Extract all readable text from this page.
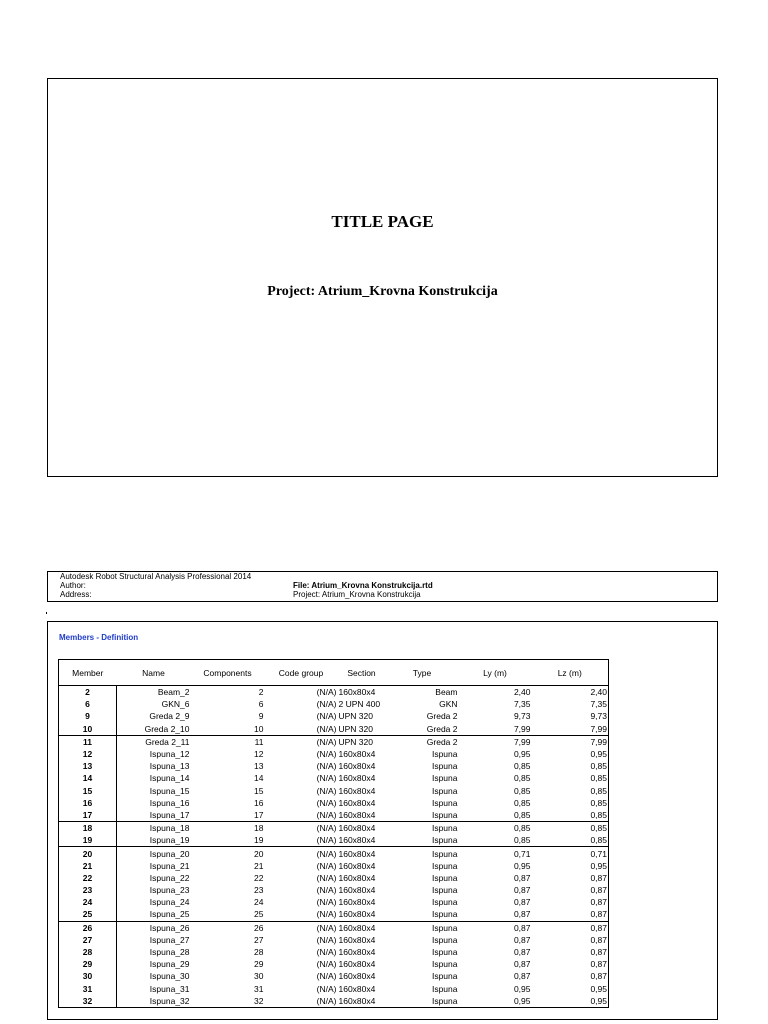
TITLE PAGE
Project: Atrium_Krovna Konstrukcija
Autodesk Robot Structural Analysis Professional 2014
Author:
Address:
File: Atrium_Krovna Konstrukcija.rtd
Project: Atrium_Krovna Konstrukcija
Members - Definition
Member	Name	Components	Code group	Section	Type	Ly (m)	Lz (m)
2	Beam_2	2	(N/A)	160x80x4	Beam	2,40	2,40
6	GKN_6	6	(N/A)	2 UPN 400	GKN	7,35	7,35
9	Greda 2_9	9	(N/A)	UPN 320	Greda 2	9,73	9,73
10	Greda 2_10	10	(N/A)	UPN 320	Greda 2	7,99	7,99
11	Greda 2_11	11	(N/A)	UPN 320	Greda 2	7,99	7,99
12	Ispuna_12	12	(N/A)	160x80x4	Ispuna	0,95	0,95
13	Ispuna_13	13	(N/A)	160x80x4	Ispuna	0,85	0,85
14	Ispuna_14	14	(N/A)	160x80x4	Ispuna	0,85	0,85
15	Ispuna_15	15	(N/A)	160x80x4	Ispuna	0,85	0,85
16	Ispuna_16	16	(N/A)	160x80x4	Ispuna	0,85	0,85
17	Ispuna_17	17	(N/A)	160x80x4	Ispuna	0,85	0,85
18	Ispuna_18	18	(N/A)	160x80x4	Ispuna	0,85	0,85
19	Ispuna_19	19	(N/A)	160x80x4	Ispuna	0,85	0,85
20	Ispuna_20	20	(N/A)	160x80x4	Ispuna	0,71	0,71
21	Ispuna_21	21	(N/A)	160x80x4	Ispuna	0,95	0,95
22	Ispuna_22	22	(N/A)	160x80x4	Ispuna	0,87	0,87
23	Ispuna_23	23	(N/A)	160x80x4	Ispuna	0,87	0,87
24	Ispuna_24	24	(N/A)	160x80x4	Ispuna	0,87	0,87
25	Ispuna_25	25	(N/A)	160x80x4	Ispuna	0,87	0,87
26	Ispuna_26	26	(N/A)	160x80x4	Ispuna	0,87	0,87
27	Ispuna_27	27	(N/A)	160x80x4	Ispuna	0,87	0,87
28	Ispuna_28	28	(N/A)	160x80x4	Ispuna	0,87	0,87
29	Ispuna_29	29	(N/A)	160x80x4	Ispuna	0,87	0,87
30	Ispuna_30	30	(N/A)	160x80x4	Ispuna	0,87	0,87
31	Ispuna_31	31	(N/A)	160x80x4	Ispuna	0,95	0,95
32	Ispuna_32	32	(N/A)	160x80x4	Ispuna	0,95	0,95
